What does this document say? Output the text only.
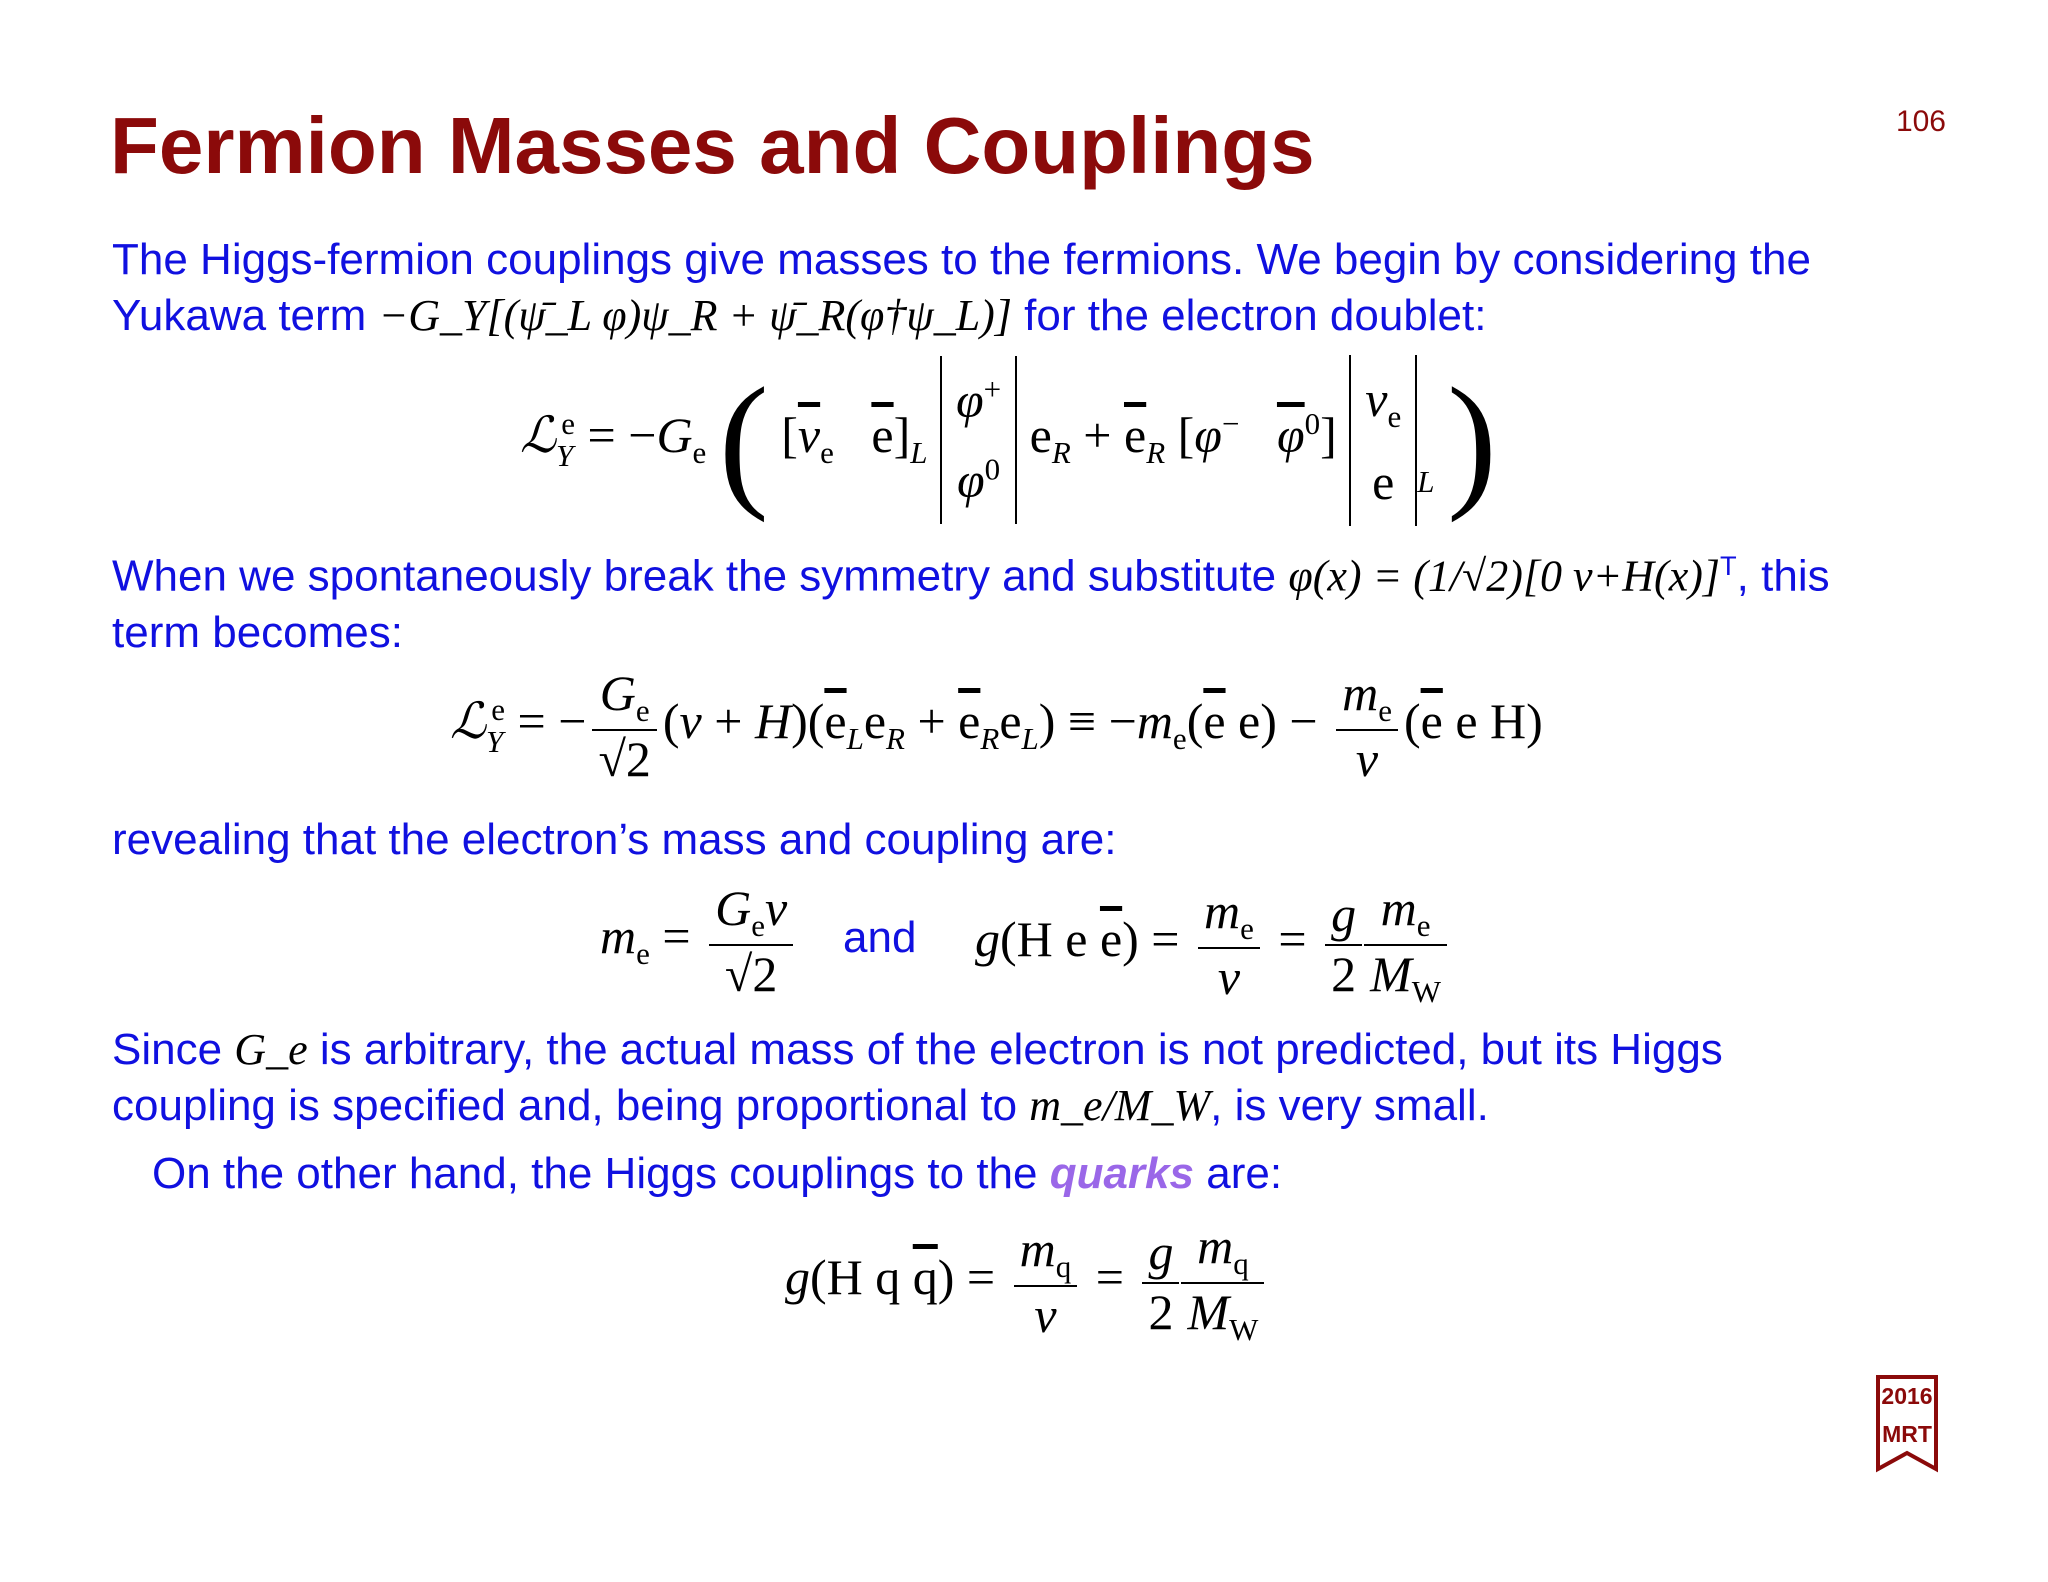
Fermion Masses and Couplings	106
The Higgs-fermion couplings give masses to the fermions. We begin by considering the
Yukawa term −G_Y[(ψ̄_L φ)ψ_R + ψ̄_R(φ†ψ_L)] for the electron doublet:
ℒ$_Y^e$ = $-G_e$ ( [$\overline{\nu}_e$ $\overline{e}]_L$
φ+
$\varphi^0$
$e_R + \overline{e}_R$ [φ− $\overline{\varphi}^0$]
$\nu_e$
e $_L$ )
When we spontaneously break the symmetry and substitute φ(x) = (1/√2)[0 v+H(x)]$^T$, this
term becomes:
ℒ$_Y^e$ = − $\frac{G_e}{√2} (v + H)(\overline{e}_Le_R + \overline{e}_Re_L) \equiv -m_e(\overline{e}$ $e) - \frac{m_e}{v} (\overline{e}$ e H)
revealing that the electron’s mass and coupling are:
$m_e = \frac{G_ev}{√2}$ and g(H e $\overline{e}) = \frac{m_e}{v} = \frac{g}{2} \frac{m_e}{M_W}$
Since G_e is arbitrary, the actual mass of the electron is not predicted, but its Higgs
coupling is specified and, being proportional to m_e/M_W, is very small.
On the other hand, the Higgs couplings to the quarks are:
g(H q $\overline{q}) = \frac{m_q}{v} = \frac{g}{2} \frac{m_q}{M_W}$
2016
MRT
